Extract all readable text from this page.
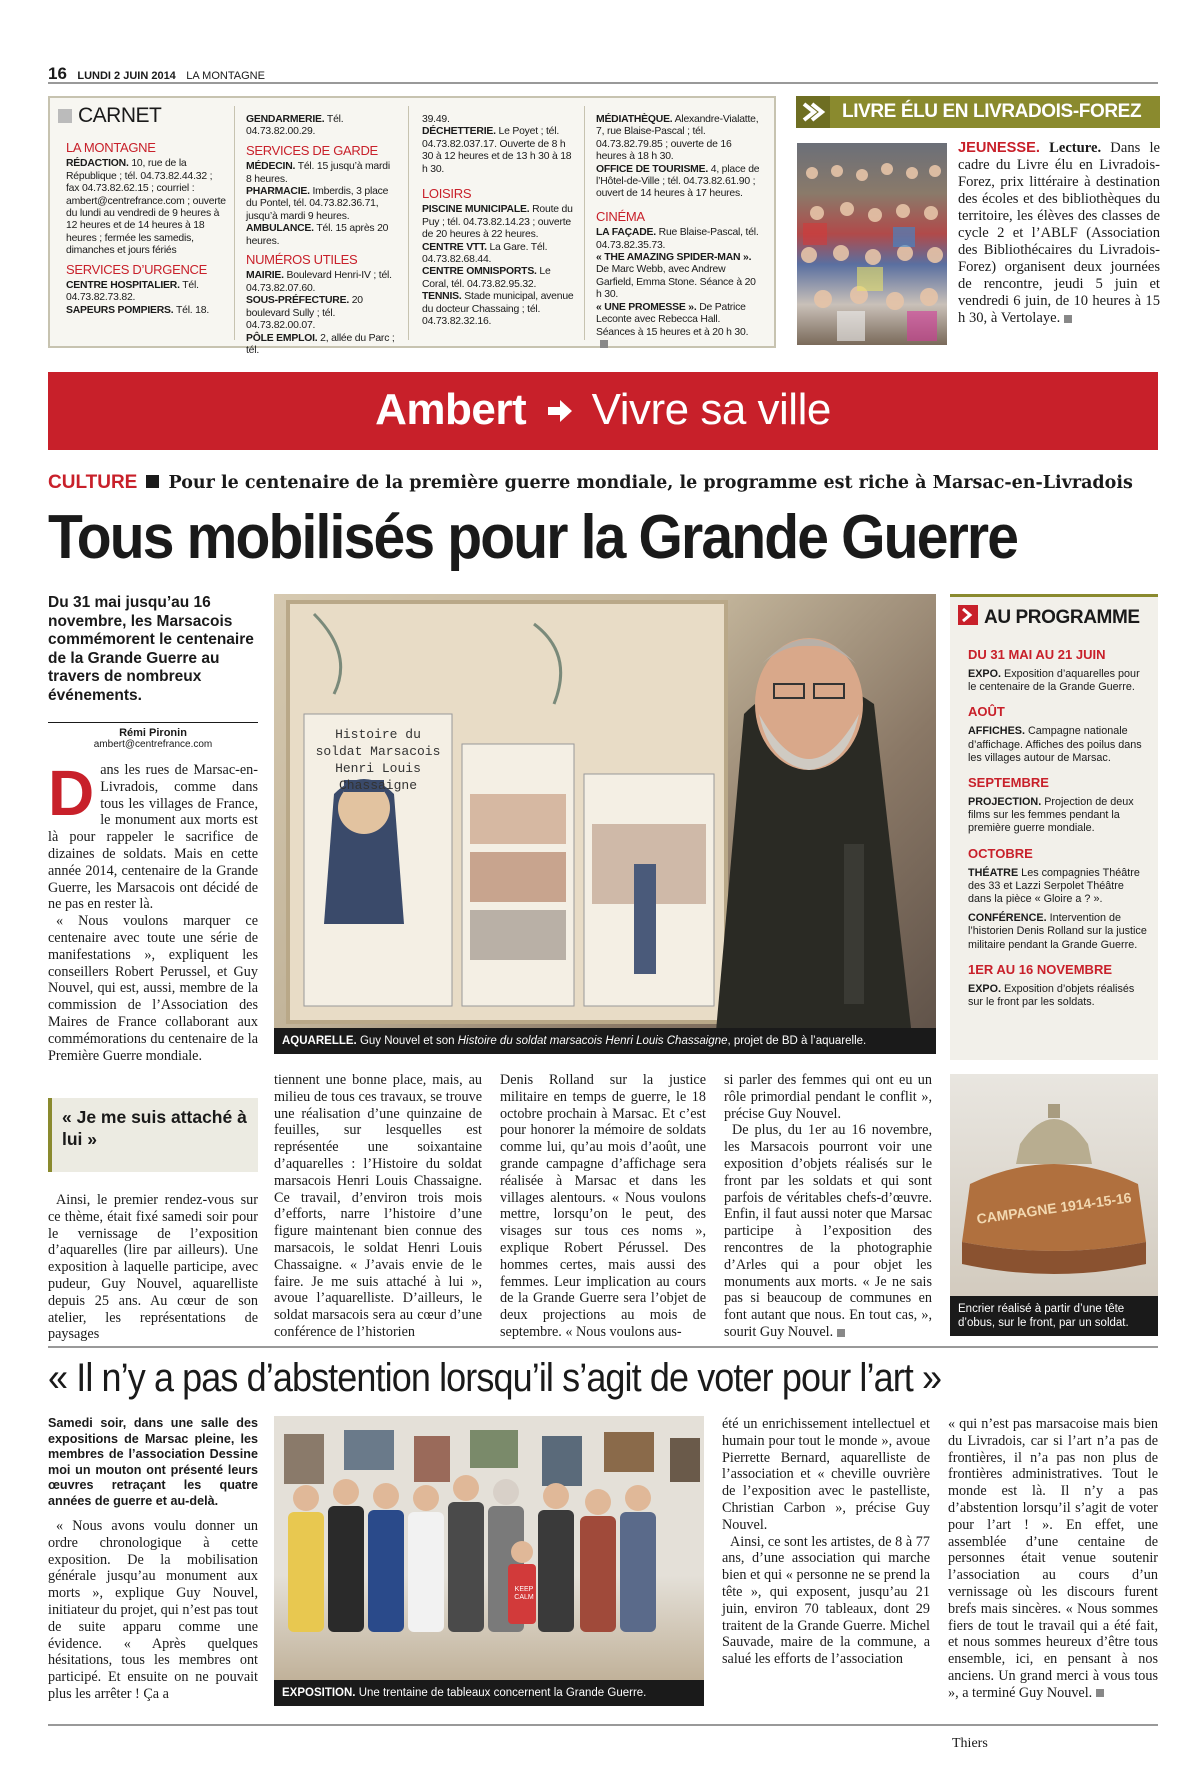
16 LUNDI 2 JUIN 2014 LA MONTAGNE
CARNET
LA MONTAGNE

RÉDACTION. 10, rue de la République ; tél. 04.73.82.44.32 ; fax 04.73.82.62.15 ; courriel : ambert@centrefrance.com ; ouverte du lundi au vendredi de 9 heures à 12 heures et de 14 heures à 18 heures ; fermée les samedis, dimanches et jours fériés

SERVICES D’URGENCE

CENTRE HOSPITALIER. Tél. 04.73.82.73.82.

SAPEURS POMPIERS. Tél. 18.

GENDARMERIE. Tél. 04.73.82.00.29.

SERVICES DE GARDE

MÉDECIN. Tél. 15 jusqu’à mardi 8 heures.

PHARMACIE. Imberdis, 3 place du Pontel, tél. 04.73.82.36.71, jusqu’à mardi 9 heures.

AMBULANCE. Tél. 15 après 20 heures.

NUMÉROS UTILES

MAIRIE. Boulevard Henri-IV ; tél. 04.73.82.07.60.

SOUS-PRÉFECTURE. 20 boulevard Sully ; tél. 04.73.82.00.07.

PÔLE EMPLOI. 2, allée du Parc ; tél.

39.49.

DÉCHETTERIE. Le Poyet ; tél. 04.73.82.037.17. Ouverte de 8 h 30 à 12 heures et de 13 h 30 à 18 h 30.

LOISIRS

PISCINE MUNICIPALE. Route du Puy ; tél. 04.73.82.14.23 ; ouverte de 20 heures à 22 heures.

CENTRE VTT. La Gare. Tél. 04.73.82.68.44.

CENTRE OMNISPORTS. Le Coral, tél. 04.73.82.95.32.

TENNIS. Stade municipal, avenue du docteur Chassaing ; tél. 04.73.82.32.16.

MÉDIATHÈQUE. Alexandre-Vialatte, 7, rue Blaise-Pascal ; tél. 04.73.82.79.85 ; ouverte de 16 heures à 18 h 30.

OFFICE DE TOURISME. 4, place de l’Hôtel-de-Ville ; tél. 04.73.82.61.90 ; ouvert de 14 heures à 17 heures.

CINÉMA

LA FAÇADE. Rue Blaise-Pascal, tél. 04.73.82.35.73.

« THE AMAZING SPIDER-MAN ». De Marc Webb, avec Andrew Garfield, Emma Stone. Séance à 20 h 30.

« UNE PROMESSE ». De Patrice Leconte avec Rebecca Hall. Séances à 15 heures et à 20 h 30.

LIVRE ÉLU EN LIVRADOIS-FOREZ
JEUNESSE. Lecture. Dans le cadre du Livre élu en Livradois-Forez, prix littéraire à destination des écoles et des bibliothèques du territoire, les élèves des classes de cycle 2 et l’ABLF (Association des Bibliothécaires du Livradois-Forez) organisent deux journées de rencontre, jeudi 5 juin et vendredi 6 juin, de 10 heures à 15 h 30, à Vertolaye.
Ambert Vivre sa ville
CULTURE Pour le centenaire de la première guerre mondiale, le programme est riche à Marsac-en-Livradois
Tous mobilisés pour la Grande Guerre
Du 31 mai jusqu’au 16 novembre, les Marsacois commémorent le centenaire de la Grande Guerre au travers de nombreux événements.
Rémi Pironin
ambert@centrefrance.com
D ans les rues de Marsac-en-Livradois, comme dans tous les villages de France, le monument aux morts est là pour rappeler le sacrifice de dizaines de soldats. Mais en cette année 2014, centenaire de la Grande Guerre, les Marsacois ont décidé de ne pas en rester là.

« Nous voulons marquer ce centenaire avec toute une série de manifestations », expliquent les conseillers Robert Perussel, et Guy Nouvel, qui est, aussi, membre de la commission de l’Association des Maires de France collaborant aux commémorations du centenaire de la Première Guerre mondiale.

« Je me suis attaché à lui »

Ainsi, le premier rendez-vous sur ce thème, était fixé samedi soir pour le vernissage de l’exposition d’aquarelles (lire par ailleurs). Une exposition à laquelle participe, avec pudeur, Guy Nouvel, aquarelliste depuis 25 ans. Au cœur de son atelier, les représentations de paysages

Histoire du soldat Marsacois Henri Louis Chassaigne
AQUARELLE. Guy Nouvel et son Histoire du soldat marsacois Henri Louis Chassaigne, projet de BD à l’aquarelle.

tiennent une bonne place, mais, au milieu de tous ces travaux, se trouve une réalisation d’une quinzaine de feuilles, sur lesquelles est représentée une soixantaine d’aquarelles : l’Histoire du soldat marsacois Henri Louis Chassaigne. Ce travail, d’environ trois mois d’efforts, narre l’histoire d’une figure maintenant bien connue des marsacois, le soldat Henri Louis Chassaigne. « J’avais envie de le faire. Je me suis attaché à lui », avoue l’aquarelliste. D’ailleurs, le soldat marsacois sera au cœur d’une conférence de l’historien

Denis Rolland sur la justice militaire en temps de guerre, le 18 octobre prochain à Marsac. Et c’est pour honorer la mémoire de soldats comme lui, qu’au mois d’août, une grande campagne d’affichage sera réalisée à Marsac et dans les villages alentours. « Nous voulons mettre, lorsqu’on le peut, des visages sur tous ces noms », explique Robert Pérussel. Des hommes certes, mais aussi des femmes. Leur implication au cours de la Grande Guerre sera l’objet de deux projections au mois de septembre. « Nous voulons aus-

si parler des femmes qui ont eu un rôle primordial pendant le conflit », précise Guy Nouvel.

De plus, du 1er au 16 novembre, les Marsacois pourront voir une exposition d’objets réalisés sur le front par les soldats et qui sont parfois de véritables chefs-d’œuvre. Enfin, il faut aussi noter que Marsac participe à l’exposition des rencontres de la photographie d’Arles qui a pour objet les monuments aux morts. « Je ne sais pas si beaucoup de communes en font autant que nous. En tout cas, », sourit Guy Nouvel.

AU PROGRAMME
DU 31 MAI AU 21 JUIN

EXPO. Exposition d’aquarelles pour le centenaire de la Grande Guerre.

AOÛT

AFFICHES. Campagne nationale d’affichage. Affiches des poilus dans les villages autour de Marsac.

SEPTEMBRE

PROJECTION. Projection de deux films sur les femmes pendant la première guerre mondiale.

OCTOBRE

THÉATRE Les compagnies Théâtre des 33 et Lazzi Serpolet Théâtre dans la pièce « Gloire a ? ».

CONFÉRENCE. Intervention de l’historien Denis Rolland sur la justice militaire pendant la Grande Guerre.

1ER AU 16 NOVEMBRE

EXPO. Exposition d’objets réalisés sur le front par les soldats.

CAMPAGNE 1914-15-16
Encrier réalisé à partir d’une tête d’obus, sur le front, par un soldat.
« Il n’y a pas d’abstention lorsqu’il s’agit de voter pour l’art »
Samedi soir, dans une salle des expositions de Marsac pleine, les membres de l’association Dessine moi un mouton ont présenté leurs œuvres retraçant les quatre années de guerre et au-delà.

« Nous avons voulu donner un ordre chronologique à cette exposition. De la mobilisation générale jusqu’au monument aux morts », explique Guy Nouvel, initiateur du projet, qui n’est pas tout de suite apparu comme une évidence. « Après quelques hésitations, tous les membres ont participé. Et ensuite on ne pouvait plus les arrêter ! Ça a

KEEP CALM
EXPOSITION. Une trentaine de tableaux concernent la Grande Guerre.

été un enrichissement intellectuel et humain pour tout le monde », avoue Pierrette Bernard, aquarelliste de l’association et « cheville ouvrière de l’exposition avec le pastelliste, Christian Carbon », précise Guy Nouvel.

Ainsi, ce sont les artistes, de 8 à 77 ans, d’une association qui marche bien et qui « personne ne se prend la tête », qui exposent, jusqu’au 21 juin, environ 70 tableaux, dont 29 traitent de la Grande Guerre. Michel Sauvade, maire de la commune, a salué les efforts de l’association

« qui n’est pas marsacoise mais bien du Livradois, car si l’art n’a pas de frontières, il n’a pas non plus de frontières administratives. Tout le monde est là. Il n’y a pas d’abstention lorsqu’il s’agit de voter pour l’art ! ». En effet, une assemblée d’une centaine de personnes était venue soutenir l’association au cours d’un vernissage où les discours furent brefs mais sincères. « Nous sommes fiers de tout le travail qui a été fait, et nous sommes heureux d’être tous ensemble, ici, en pensant à nos anciens. Un grand merci à vous tous », a terminé Guy Nouvel.

Thiers
